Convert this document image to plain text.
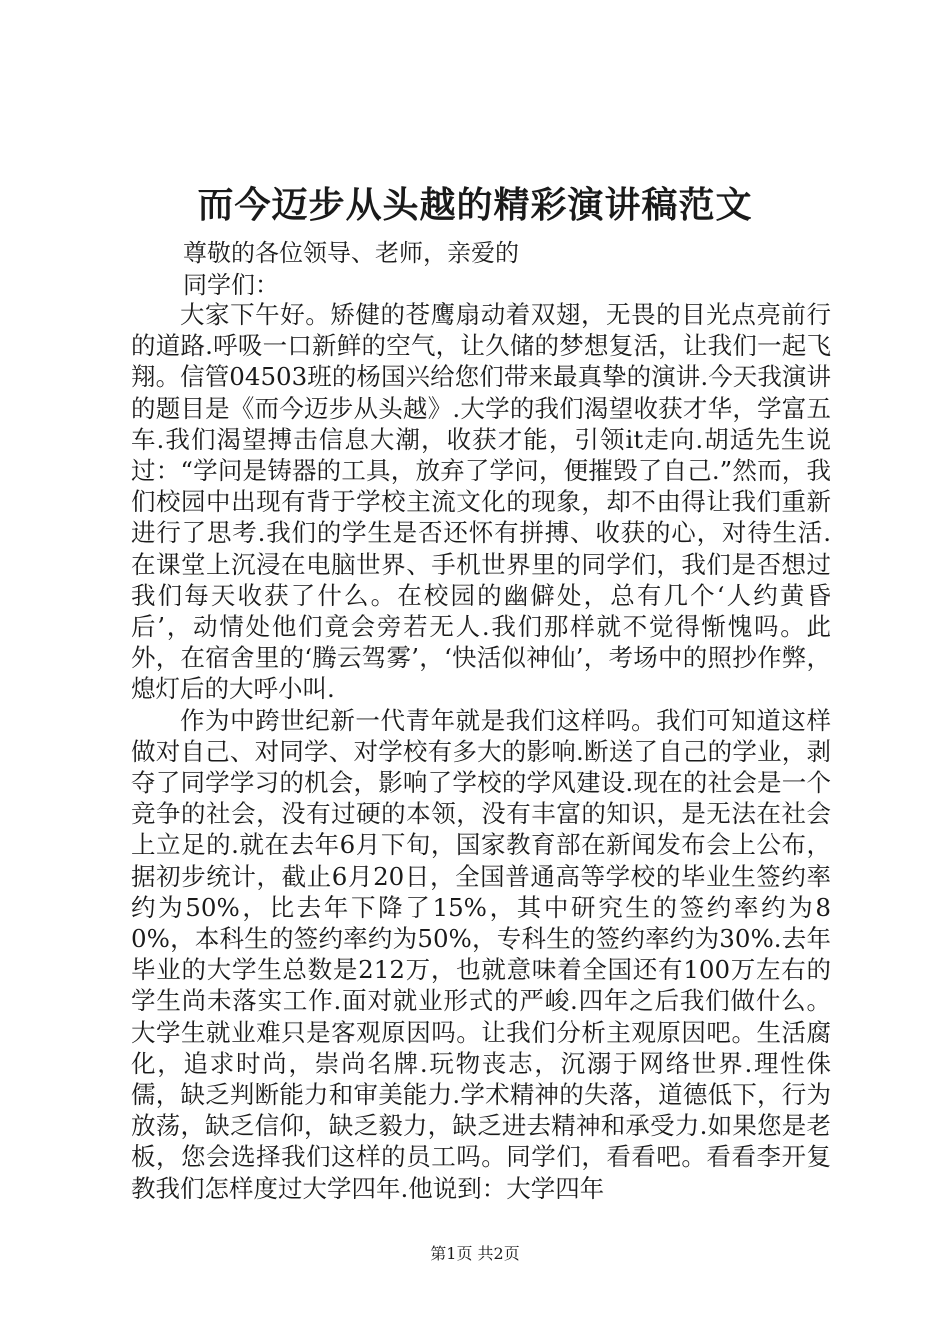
而今迈步从头越的精彩演讲稿范文
尊敬的各位领导、老师，亲爱的
同学们：

大家下午好。矫健的苍鹰扇动着双翅，无畏的目光点亮前行的道路.呼吸一口新鲜的空气，让久储的梦想复活，让我们一起飞翔。信管04503班的杨国兴给您们带来最真挚的演讲.今天我演讲的题目是《而今迈步从头越》.大学的我们渴望收获才华，学富五车.我们渴望搏击信息大潮，收获才能，引领it走向.胡适先生说过：“学问是铸器的工具，放弃了学问，便摧毁了自己.”然而，我们校园中出现有背于学校主流文化的现象，却不由得让我们重新进行了思考.我们的学生是否还怀有拼搏、收获的心，对待生活.在课堂上沉浸在电脑世界、手机世界里的同学们，我们是否想过我们每天收获了什么。在校园的幽僻处，总有几个‘人约黄昏后’，动情处他们竟会旁若无人.我们那样就不觉得惭愧吗。此外，在宿舍里的‘腾云驾雾’，‘快活似神仙’，考场中的照抄作弊，熄灯后的大呼小叫.

作为中跨世纪新一代青年就是我们这样吗。我们可知道这样做对自己、对同学、对学校有多大的影响.断送了自己的学业，剥夺了同学学习的机会，影响了学校的学风建设.现在的社会是一个竞争的社会，没有过硬的本领，没有丰富的知识，是无法在社会上立足的.就在去年6月下旬，国家教育部在新闻发布会上公布，据初步统计，截止6月20日，全国普通高等学校的毕业生签约率约为50%，比去年下降了15%，其中研究生的签约率约为80%，本科生的签约率约为50%，专科生的签约率约为30%.去年毕业的大学生总数是212万，也就意味着全国还有100万左右的学生尚未落实工作.面对就业形式的严峻.四年之后我们做什么。大学生就业难只是客观原因吗。让我们分析主观原因吧。生活腐化，追求时尚，崇尚名牌.玩物丧志，沉溺于网络世界.理性侏儒，缺乏判断能力和审美能力.学术精神的失落，道德低下，行为放荡，缺乏信仰，缺乏毅力，缺乏进去精神和承受力.如果您是老板，您会选择我们这样的员工吗。同学们，看看吧。看看李开复教我们怎样度过大学四年.他说到：大学四年

第1页 共2页
